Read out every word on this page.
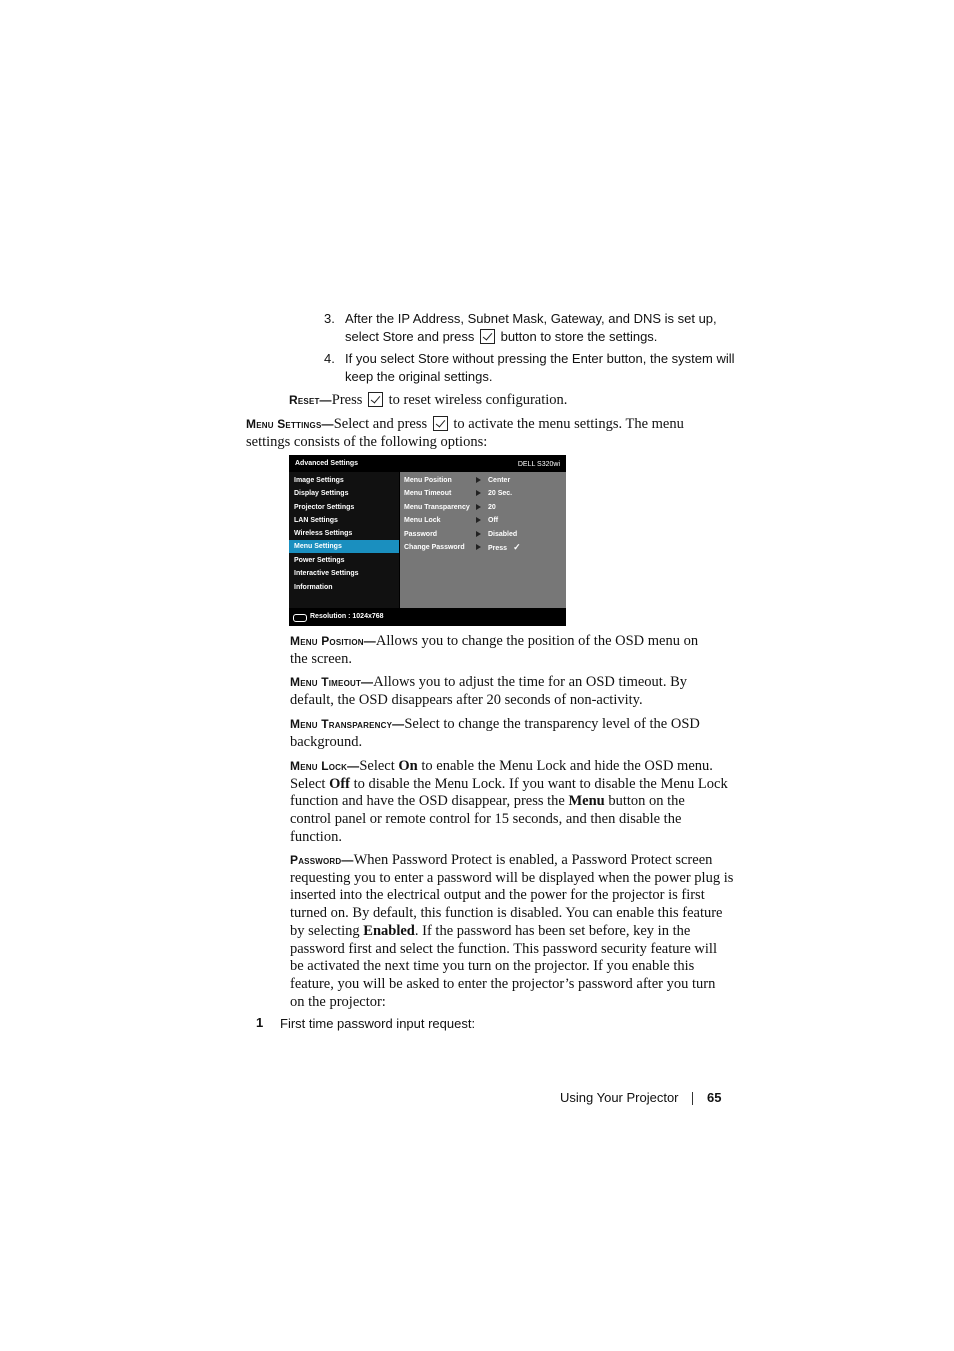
3. After the IP Address, Subnet Mask, Gateway, and DNS is set up,
select Store and press  button to store the settings.
4. If you select Store without pressing the Enter button, the system will
keep the original settings.
Reset—Press  to reset wireless configuration.
Menu Settings—Select and press  to activate the menu settings. The menu
settings consists of the following options:
Advanced Settings	DELL S320wi
Image Settings
Display Settings
Projector Settings
LAN Settings
Wireless Settings
Menu Settings
Power Settings
Interactive Settings
Information
Menu Position	Center
Menu Timeout	20 Sec.
Menu Transparency	20
Menu Lock	Off
Password	Disabled
Change Password	Press ✓
Resolution : 1024x768
Menu Position—Allows you to change the position of the OSD menu on
the screen.
Menu Timeout—Allows you to adjust the time for an OSD timeout. By
default, the OSD disappears after 20 seconds of non-activity.
Menu Transparency—Select to change the transparency level of the OSD
background.
Menu Lock—Select On to enable the Menu Lock and hide the OSD menu.
Select Off to disable the Menu Lock. If you want to disable the Menu Lock
function and have the OSD disappear, press the Menu button on the
control panel or remote control for 15 seconds, and then disable the
function.
Password—When Password Protect is enabled, a Password Protect screen
requesting you to enter a password will be displayed when the power plug is
inserted into the electrical output and the power for the projector is first
turned on. By default, this function is disabled. You can enable this feature
by selecting Enabled. If the password has been set before, key in the
password first and select the function. This password security feature will
be activated the next time you turn on the projector. If you enable this
feature, you will be asked to enter the projector’s password after you turn
on the projector:
1 First time password input request:
Using Your Projector 65
